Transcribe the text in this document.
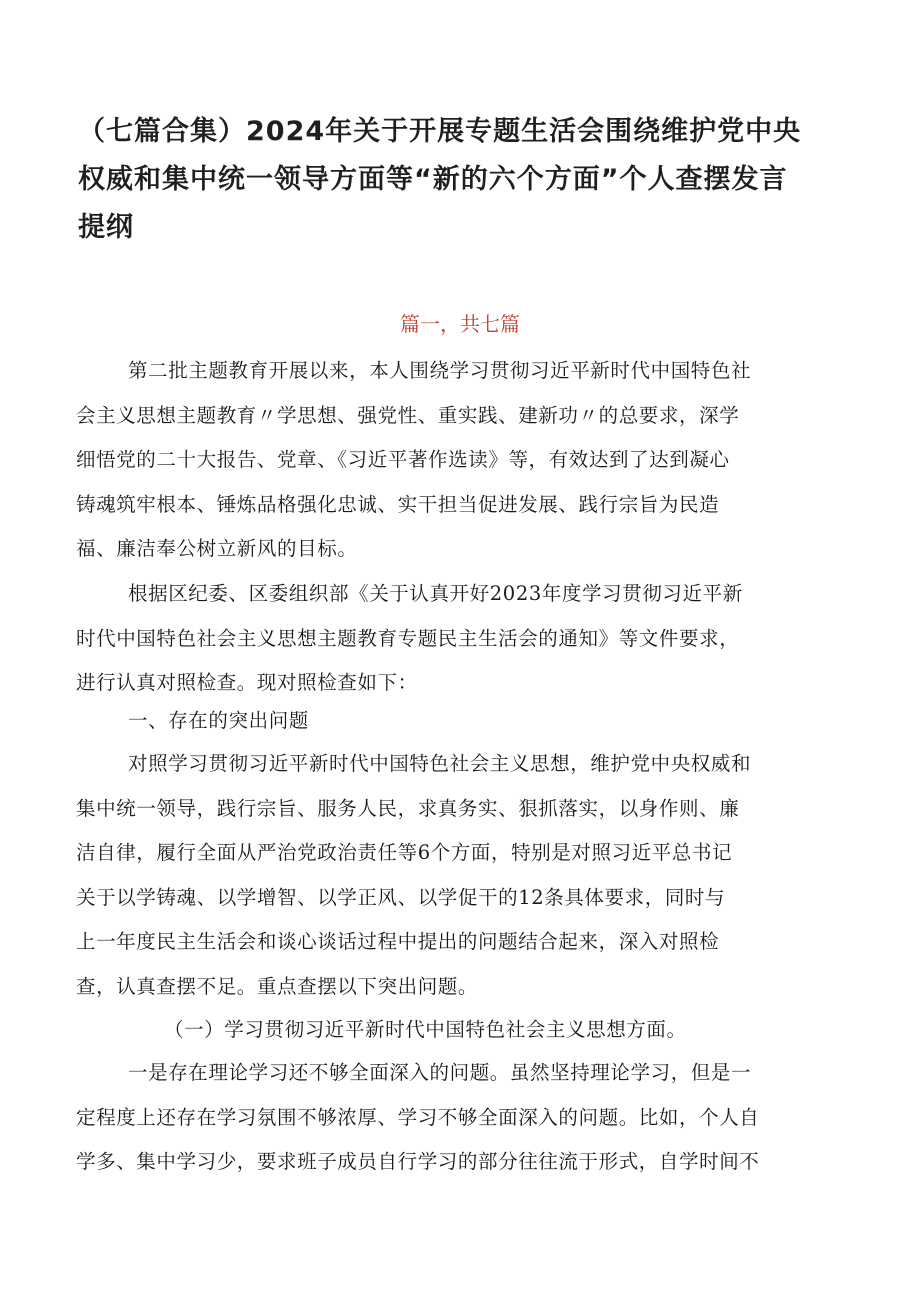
（七篇合集）2024年关于开展专题生活会围绕维护党中央
权威和集中统一领导方面等“新的六个方面”个人查摆发言
提纲
篇一，共七篇
第二批主题教育开展以来，本人围绕学习贯彻习近平新时代中国特色社
会主义思想主题教育〃学思想、强党性、重实践、建新功〃的总要求，深学
细悟党的二十大报告、党章、《习近平著作选读》等，有效达到了达到凝心
铸魂筑牢根本、锤炼品格强化忠诚、实干担当促进发展、践行宗旨为民造
福、廉洁奉公树立新风的目标。
根据区纪委、区委组织部《关于认真开好2023年度学习贯彻习近平新
时代中国特色社会主义思想主题教育专题民主生活会的通知》等文件要求，
进行认真对照检查。现对照检查如下：
一、存在的突出问题
对照学习贯彻习近平新时代中国特色社会主义思想，维护党中央权威和
集中统一领导，践行宗旨、服务人民，求真务实、狠抓落实，以身作则、廉
洁自律，履行全面从严治党政治责任等6个方面，特别是对照习近平总书记
关于以学铸魂、以学增智、以学正风、以学促干的12条具体要求，同时与
上一年度民主生活会和谈心谈话过程中提出的问题结合起来，深入对照检
查，认真查摆不足。重点查摆以下突出问题。
（一）学习贯彻习近平新时代中国特色社会主义思想方面。
一是存在理论学习还不够全面深入的问题。虽然坚持理论学习，但是一
定程度上还存在学习氛围不够浓厚、学习不够全面深入的问题。比如，个人自
学多、集中学习少，要求班子成员自行学习的部分往往流于形式，自学时间不
